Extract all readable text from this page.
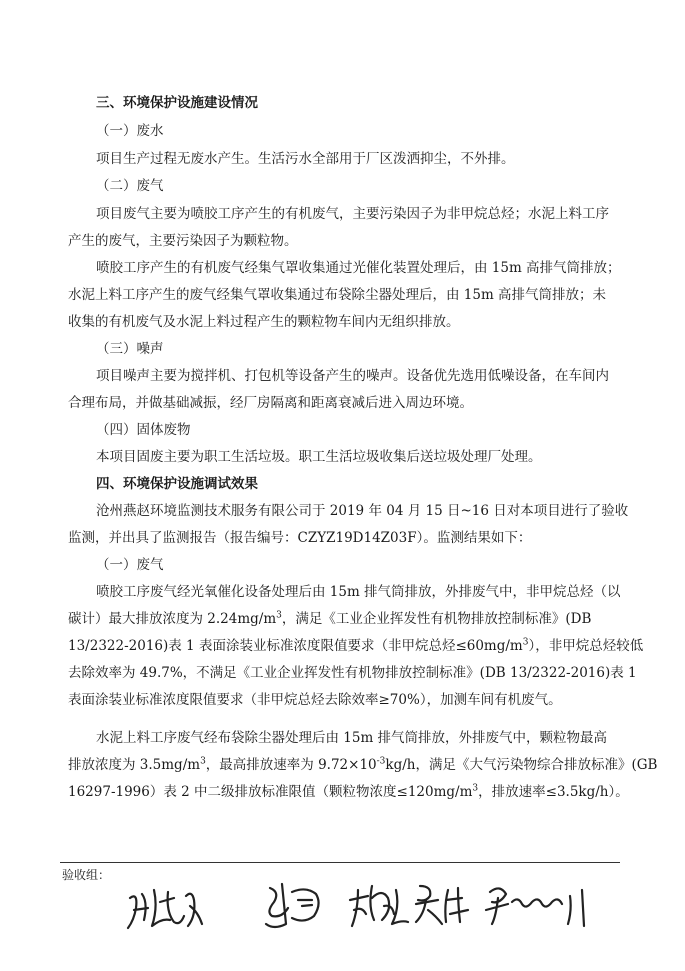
三、环境保护设施建设情况
（一）废水
项目生产过程无废水产生。生活污水全部用于厂区泼洒抑尘，不外排。
（二）废气
项目废气主要为喷胶工序产生的有机废气，主要污染因子为非甲烷总烃；水泥上料工序
产生的废气，主要污染因子为颗粒物。
喷胶工序产生的有机废气经集气罩收集通过光催化装置处理后，由 15m 高排气筒排放；
水泥上料工序产生的废气经集气罩收集通过布袋除尘器处理后，由 15m 高排气筒排放；未
收集的有机废气及水泥上料过程产生的颗粒物车间内无组织排放。
（三）噪声
项目噪声主要为搅拌机、打包机等设备产生的噪声。设备优先选用低噪设备，在车间内
合理布局，并做基础减振，经厂房隔离和距离衰减后进入周边环境。
（四）固体废物
本项目固废主要为职工生活垃圾。职工生活垃圾收集后送垃圾处理厂处理。
四、环境保护设施调试效果
沧州燕赵环境监测技术服务有限公司于 2019 年 04 月 15 日~16 日对本项目进行了验收
监测，并出具了监测报告（报告编号：CZYZ19D14Z03F）。监测结果如下：
（一）废气
喷胶工序废气经光氧催化设备处理后由 15m 排气筒排放，外排废气中，非甲烷总烃（以
碳计）最大排放浓度为 $2.24mg/m^3$，满足《工业企业挥发性有机物排放控制标准》(DB
13/2322-2016)表 1 表面涂装业标准浓度限值要求（非甲烷总烃$\le 60mg/m^3$），非甲烷总烃较低
去除效率为 49.7%，不满足《工业企业挥发性有机物排放控制标准》(DB 13/2322-2016)表 1
表面涂装业标准浓度限值要求（非甲烷总烃去除效率≥70%），加测车间有机废气。
水泥上料工序废气经布袋除尘器处理后由 15m 排气筒排放，外排废气中，颗粒物最高
排放浓度为 $3.5mg/m^3$，最高排放速率为 $9.72\times 10^{-3}kg/h$，满足《大气污染物综合排放标准》(GB
16297-1996）表 2 中二级排放标准限值（颗粒物浓度$\le 120mg/m^3$，排放速率≤3.5kg/h）。
验收组：
